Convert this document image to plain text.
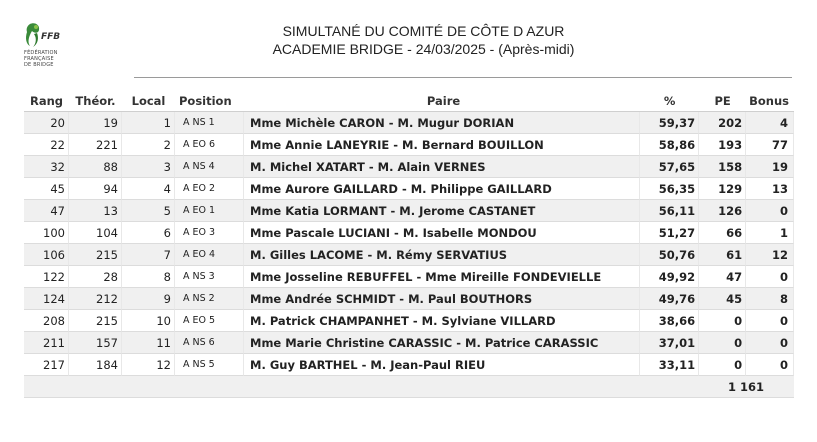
FFB
FÉDÉRATION
FRANÇAISE
DE BRIDGE
SIMULTANÉ DU COMITÉ DE CÔTE D AZUR
ACADEMIE BRIDGE - 24/03/2025 - (Après-midi)
Rang	Théor.	Local	Position	Paire	%	PE	Bonus
20	19	1	A NS 1	Mme Michèle CARON - M. Mugur DORIAN	59,37	202	4
22	221	2	A EO 6	Mme Annie LANEYRIE - M. Bernard BOUILLON	58,86	193	77
32	88	3	A NS 4	M. Michel XATART - M. Alain VERNES	57,65	158	19
45	94	4	A EO 2	Mme Aurore GAILLARD - M. Philippe GAILLARD	56,35	129	13
47	13	5	A EO 1	Mme Katia LORMANT - M. Jerome CASTANET	56,11	126	0
100	104	6	A EO 3	Mme Pascale LUCIANI - M. Isabelle MONDOU	51,27	66	1
106	215	7	A EO 4	M. Gilles LACOME - M. Rémy SERVATIUS	50,76	61	12
122	28	8	A NS 3	Mme Josseline REBUFFEL - Mme Mireille FONDEVIELLE	49,92	47	0
124	212	9	A NS 2	Mme Andrée SCHMIDT - M. Paul BOUTHORS	49,76	45	8
208	215	10	A EO 5	M. Patrick CHAMPANHET - M. Sylviane VILLARD	38,66	0	0
211	157	11	A NS 6	Mme Marie Christine CARASSIC - M. Patrice CARASSIC	37,01	0	0
217	184	12	A NS 5	M. Guy BARTHEL - M. Jean-Paul RIEU	33,11	0	0
						1 161	
